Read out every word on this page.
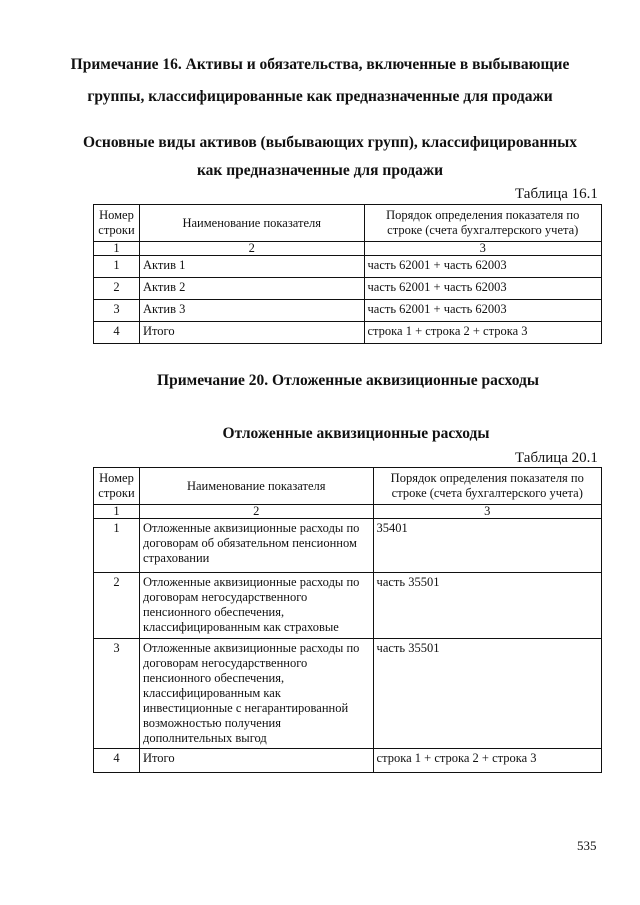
Примечание 16. Активы и обязательства, включенные в выбывающие
группы, классифицированные как предназначенные для продажи
Основные виды активов (выбывающих групп), классифицированных
как предназначенные для продажи
Таблица 16.1
Номер строки	Наименование показателя	Порядок определения показателя по строке (счета бухгалтерского учета)
1	2	3
1	Актив 1	часть 62001 + часть 62003
2	Актив 2	часть 62001 + часть 62003
3	Актив 3	часть 62001 + часть 62003
4	Итого	строка 1 + строка 2 + строка 3
Примечание 20. Отложенные аквизиционные расходы
Отложенные аквизиционные расходы
Таблица 20.1
Номер строки	Наименование показателя	Порядок определения показателя по строке (счета бухгалтерского учета)
1	2	3
1	Отложенные аквизиционные расходы по договорам об обязательном пенсионном страховании	35401
2	Отложенные аквизиционные расходы по договорам негосударственного пенсионного обеспечения, классифицированным как страховые	часть 35501
3	Отложенные аквизиционные расходы по договорам негосударственного пенсионного обеспечения, классифицированным как инвестиционные с негарантированной возможностью получения дополнительных выгод	часть 35501
4	Итого	строка 1 + строка 2 + строка 3
535
